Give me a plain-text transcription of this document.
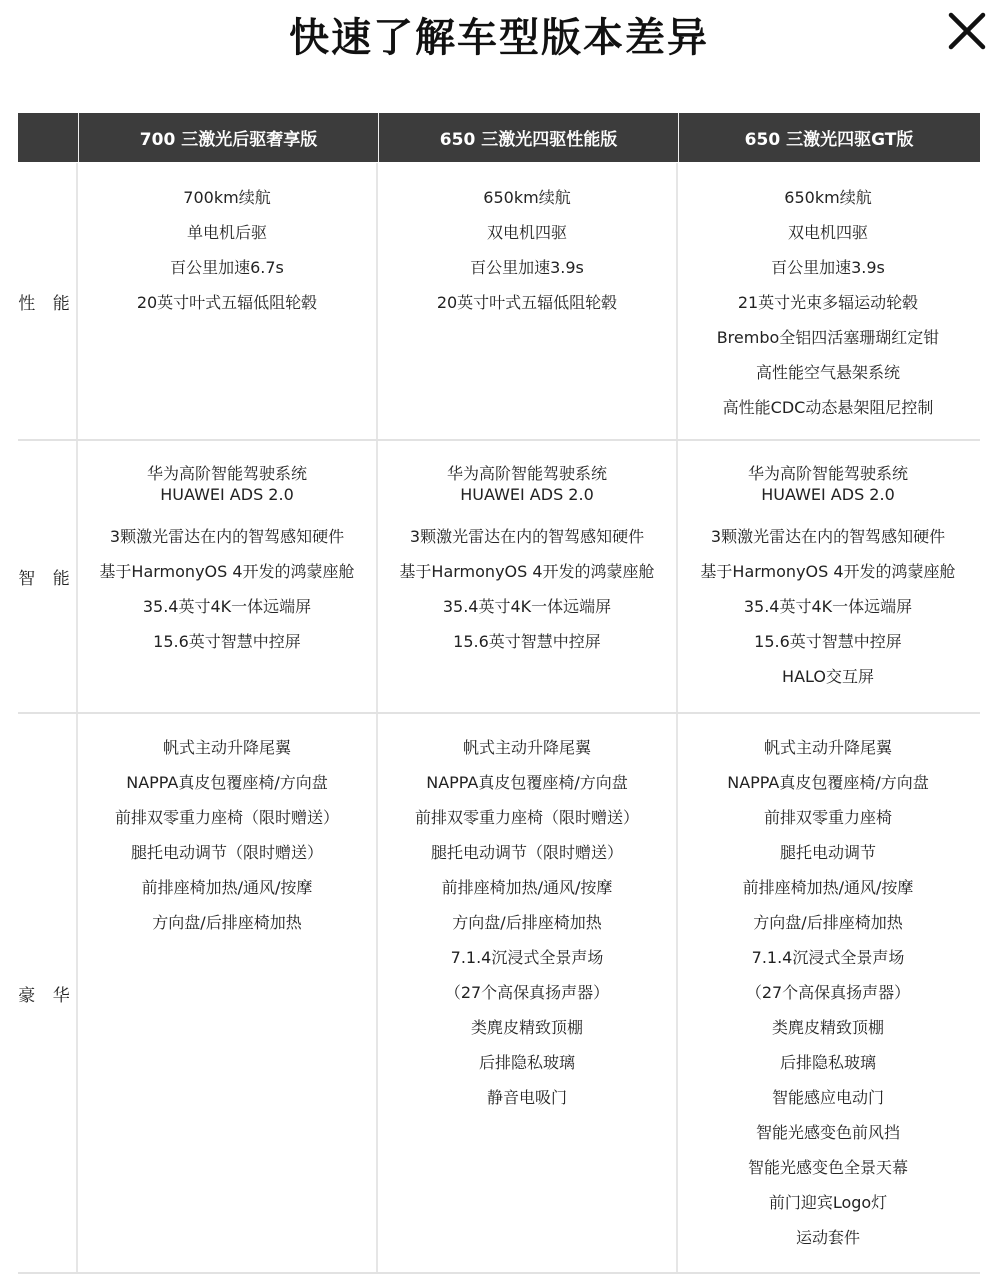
快速了解车型版本差异
700 三激光后驱奢享版	650 三激光四驱性能版	650 三激光四驱GT版
性 能
700km续航
单电机后驱
百公里加速6.7s
20英寸叶式五辐低阻轮毂
650km续航
双电机四驱
百公里加速3.9s
20英寸叶式五辐低阻轮毂
650km续航
双电机四驱
百公里加速3.9s
21英寸光束多辐运动轮毂
Brembo全铝四活塞珊瑚红定钳
高性能空气悬架系统
高性能CDC动态悬架阻尼控制
智 能
华为高阶智能驾驶系统
HUAWEI ADS 2.0
3颗激光雷达在内的智驾感知硬件
基于HarmonyOS 4开发的鸿蒙座舱
35.4英寸4K一体远端屏
15.6英寸智慧中控屏
华为高阶智能驾驶系统
HUAWEI ADS 2.0
3颗激光雷达在内的智驾感知硬件
基于HarmonyOS 4开发的鸿蒙座舱
35.4英寸4K一体远端屏
15.6英寸智慧中控屏
华为高阶智能驾驶系统
HUAWEI ADS 2.0
3颗激光雷达在内的智驾感知硬件
基于HarmonyOS 4开发的鸿蒙座舱
35.4英寸4K一体远端屏
15.6英寸智慧中控屏
HALO交互屏
豪 华
帆式主动升降尾翼
NAPPA真皮包覆座椅/方向盘
前排双零重力座椅（限时赠送）
腿托电动调节（限时赠送）
前排座椅加热/通风/按摩
方向盘/后排座椅加热
帆式主动升降尾翼
NAPPA真皮包覆座椅/方向盘
前排双零重力座椅（限时赠送）
腿托电动调节（限时赠送）
前排座椅加热/通风/按摩
方向盘/后排座椅加热
7.1.4沉浸式全景声场
（27个高保真扬声器）
类麂皮精致顶棚
后排隐私玻璃
静音电吸门
帆式主动升降尾翼
NAPPA真皮包覆座椅/方向盘
前排双零重力座椅
腿托电动调节
前排座椅加热/通风/按摩
方向盘/后排座椅加热
7.1.4沉浸式全景声场
（27个高保真扬声器）
类麂皮精致顶棚
后排隐私玻璃
智能感应电动门
智能光感变色前风挡
智能光感变色全景天幕
前门迎宾Logo灯
运动套件
